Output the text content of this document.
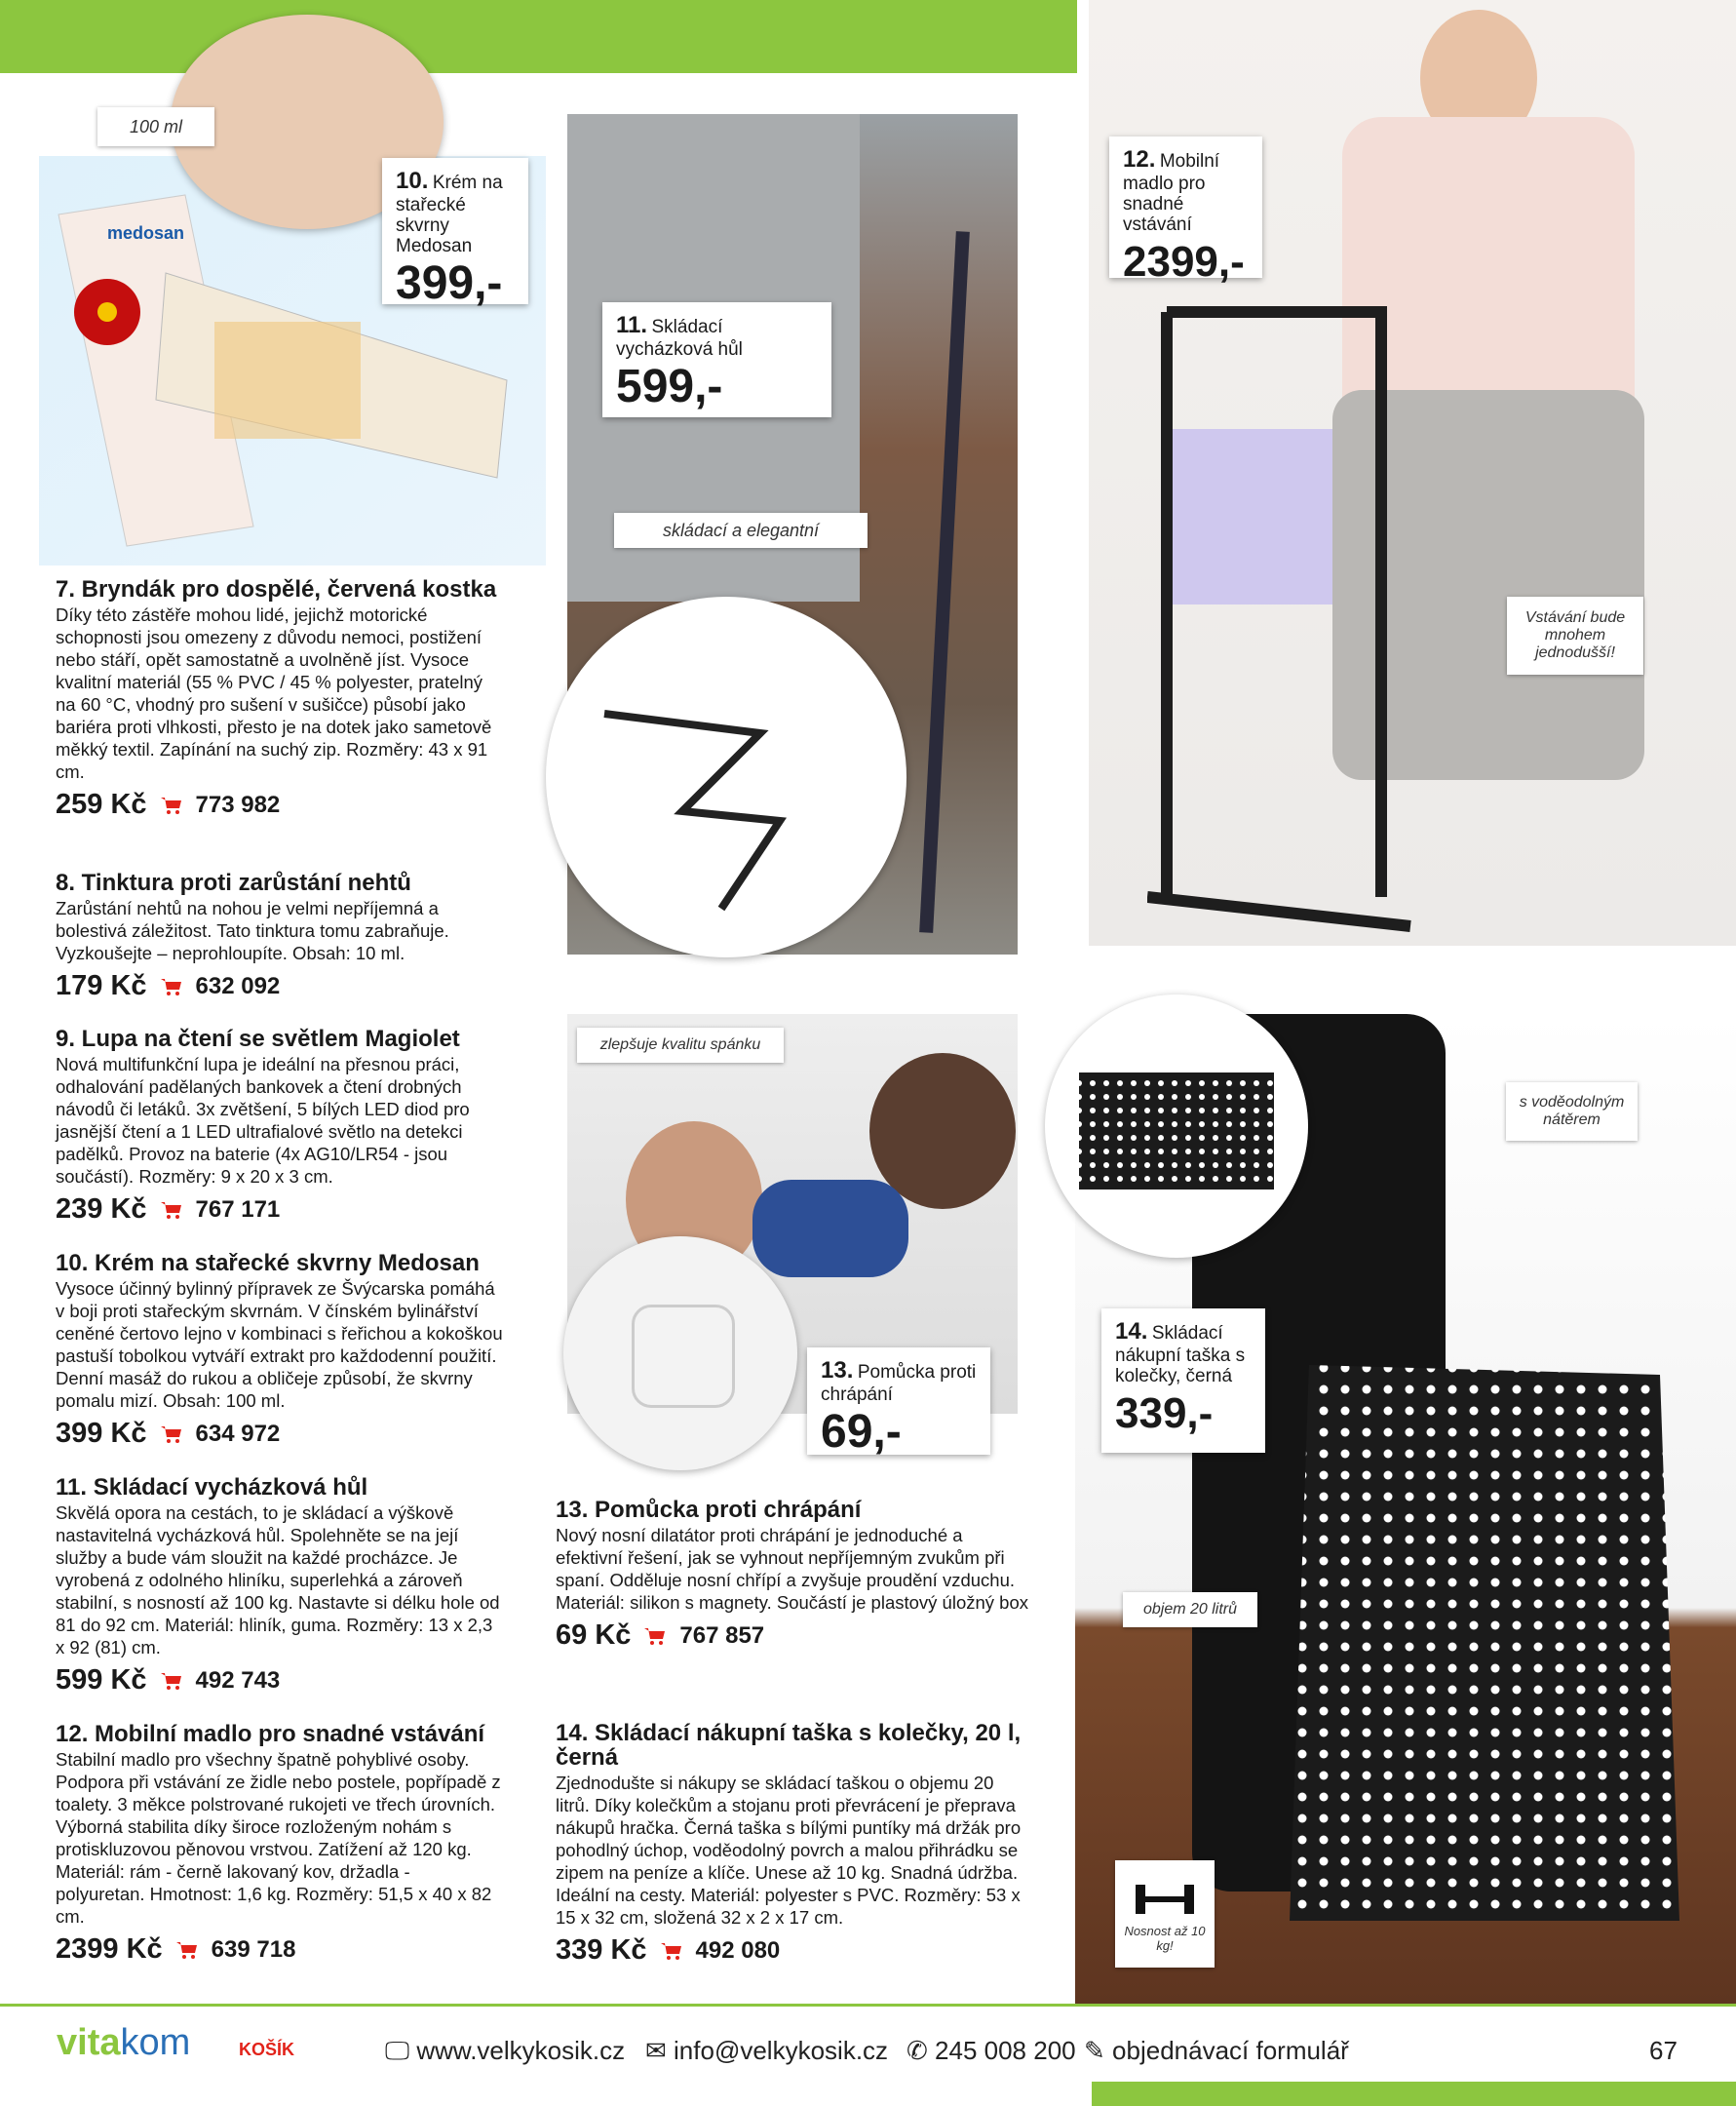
medosan
100 ml
10. Krém na stařecké skvrny Medosan
399,-
11. Skládací vycházková hůl
599,-
skládací a elegantní
12. Mobilní madlo pro snadné vstávání
2399,-
Vstávání bude mnohem jednodušší!
zlepšuje kvalitu spánku
13. Pomůcka proti chrápání
69,-
s voděodolným nátěrem
14. Skládací nákupní taška s kolečky, černá
339,-
objem 20 litrů
Nosnost až 10 kg!
7. Bryndák pro dospělé, červená kostka

Díky této zástěře mohou lidé, jejichž motorické schopnosti jsou omezeny z důvodu nemoci, postižení nebo stáří, opět samostatně a uvolněně jíst. Vysoce kvalitní materiál (55 % PVC / 45 % polyester, pratelný na 60 °C, vhodný pro sušení v sušičce) působí jako bariéra proti vlhkosti, přesto je na dotek jako sametově měkký textil. Zapínání na suchý zip. Rozměry: 43 x 91 cm.

259 Kč 773 982
8. Tinktura proti zarůstání nehtů

Zarůstání nehtů na nohou je velmi nepříjemná a bolestivá záležitost. Tato tinktura tomu zabraňuje. Vyzkoušejte – neprohloupíte. Obsah: 10 ml.

179 Kč 632 092
9. Lupa na čtení se světlem Magiolet

Nová multifunkční lupa je ideální na přesnou práci, odhalování padělaných bankovek a čtení drobných návodů či letáků. 3x zvětšení, 5 bílých LED diod pro jasnější čtení a 1 LED ultrafialové světlo na detekci padělků. Provoz na baterie (4x AG10/LR54 - jsou součástí). Rozměry: 9 x 20 x 3 cm.

239 Kč 767 171
10. Krém na stařecké skvrny Medosan

Vysoce účinný bylinný přípravek ze Švýcarska pomáhá v boji proti stařeckým skvrnám. V čínském bylinářství ceněné čertovo lejno v kombinaci s řeřichou a kokoškou pastuší tobolkou vytváří extrakt pro každodenní použití. Denní masáž do rukou a obličeje způsobí, že skvrny pomalu mizí. Obsah: 100 ml.

399 Kč 634 972
11. Skládací vycházková hůl

Skvělá opora na cestách, to je skládací a výškově nastavitelná vycházková hůl. Spolehněte se na její služby a bude vám sloužit na každé procházce. Je vyrobená z odolného hliníku, superlehká a zároveň stabilní, s nosností až 100 kg. Nastavte si délku hole od 81 do 92 cm. Materiál: hliník, guma. Rozměry: 13 x 2,3 x 92 (81) cm.

599 Kč 492 743
12. Mobilní madlo pro snadné vstávání

Stabilní madlo pro všechny špatně pohyblivé osoby. Podpora při vstávání ze židle nebo postele, popřípadě z toalety. 3 měkce polstrované rukojeti ve třech úrovních. Výborná stabilita díky široce rozloženým nohám s protiskluzovou pěnovou vrstvou. Zatížení až 120 kg. Materiál: rám - černě lakovaný kov, držadla - polyuretan. Hmotnost: 1,6 kg. Rozměry: 51,5 x 40 x 82 cm.

2399 Kč 639 718
13. Pomůcka proti chrápání

Nový nosní dilatátor proti chrápání je jednoduché a efektivní řešení, jak se vyhnout nepříjemným zvukům při spaní. Odděluje nosní chřípí a zvyšuje proudění vzduchu. Materiál: silikon s magnety. Součástí je plastový úložný box

69 Kč 767 857
14. Skládací nákupní taška s kolečky, 20 l, černá

Zjednodušte si nákupy se skládací taškou o objemu 20 litrů. Díky kolečkům a stojanu proti převrácení je přeprava nákupů hračka. Černá taška s bílými puntíky má držák pro pohodlný úchop, voděodolný povrch a malou přihrádku se zipem na peníze a klíče. Unese až 10 kg. Snadná údržba. Ideální na cesty. Materiál: polyester s PVC. Rozměry: 53 x 15 x 32 cm, složená 32 x 2 x 17 cm.

339 Kč 492 080
vitakom	KOŠÍK	🖵 www.velkykosik.cz ✉ info@velkykosik.cz ✆ 245 008 200 ✎ objednávací formulář	67
